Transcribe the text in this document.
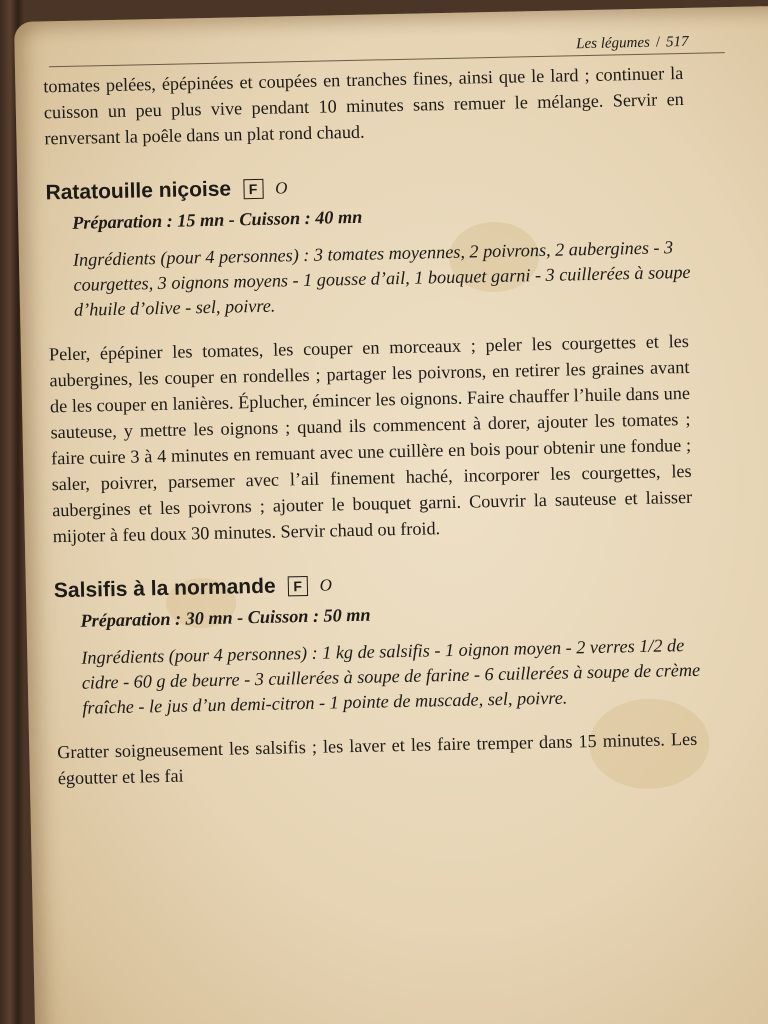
Les légumes / 517

tomates pelées, épépinées et coupées en tranches fines, ainsi que le lard ; continuer la cuisson un peu plus vive pendant 10 minutes sans remuer le mélange. Servir en renversant la poêle dans un plat rond chaud.

Ratatouille niçoise	F	O
Préparation : 15 mn - Cuisson : 40 mn
Ingrédients (pour 4 personnes) : 3 tomates moyennes, 2 poivrons, 2 aubergines - 3 courgettes, 3 oignons moyens - 1 gousse d’ail, 1 bouquet garni - 3 cuillerées à soupe d’huile d’olive - sel, poivre.

Peler, épépiner les tomates, les couper en morceaux ; peler les courgettes et les aubergines, les couper en rondelles ; partager les poivrons, en retirer les graines avant de les couper en lanières. Éplucher, émincer les oignons. Faire chauffer l’huile dans une sauteuse, y mettre les oignons ; quand ils commencent à dorer, ajouter les tomates ; faire cuire 3 à 4 minutes en remuant avec une cuillère en bois pour obtenir une fondue ; saler, poivrer, parsemer avec l’ail finement haché, incorporer les courgettes, les aubergines et les poivrons ; ajouter le bouquet garni. Couvrir la sauteuse et laisser mijoter à feu doux 30 minutes. Servir chaud ou froid.

Salsifis à la normande	F	O
Préparation : 30 mn - Cuisson : 50 mn
Ingrédients (pour 4 personnes) : 1 kg de salsifis - 1 oignon moyen - 2 verres 1/2 de cidre - 60 g de beurre - 3 cuillerées à soupe de farine - 6 cuillerées à soupe de crème fraîche - le jus d’un demi-citron - 1 pointe de muscade, sel, poivre.

Gratter soigneusement les salsifis ; les laver et les faire tremper dans 15 minutes. Les égoutter et les fai
